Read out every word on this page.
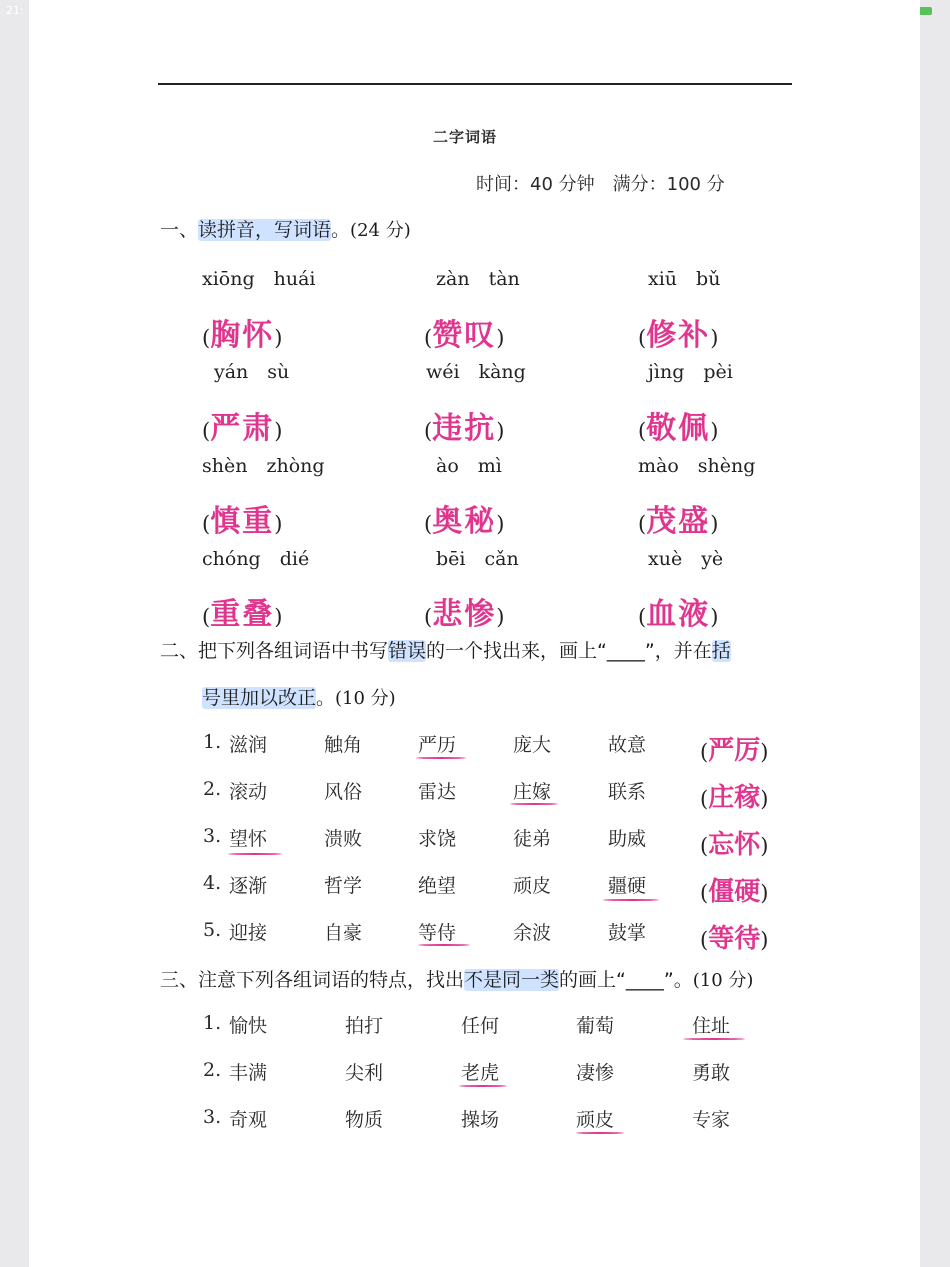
21:
二字词语
时间：40 分钟　满分：100 分
一、读拼音，写词语。(24 分)
xiōng　huái	zàn　tàn	xiū　bǔ
(胸怀)	(赞叹)	(修补)
yán　sù	wéi　kàng	jìng　pèi
(严肃)	(违抗)	(敬佩)
shèn　zhòng	ào　mì	mào　shèng
(慎重)	(奥秘)	(茂盛)
chóng　dié	bēi　cǎn	xuè　yè
(重叠)	(悲惨)	(血液)
二、把下列各组词语中书写错误的一个找出来，画上“____”，并在括
号里加以改正。(10 分)
1. 滋润	触角	严历	庞大	故意	(严厉)
2. 滚动	风俗	雷达	庄嫁	联系	(庄稼)
3. 望怀	溃败	求饶	徒弟	助威	(忘怀)
4. 逐渐	哲学	绝望	顽皮	疆硬	(僵硬)
5. 迎接	自豪	等侍	余波	鼓掌	(等待)
三、注意下列各组词语的特点，找出不是同一类的画上“____”。(10 分)
1. 愉快	拍打	任何	葡萄	住址
2. 丰满	尖利	老虎	凄惨	勇敢
3. 奇观	物质	操场	顽皮	专家
